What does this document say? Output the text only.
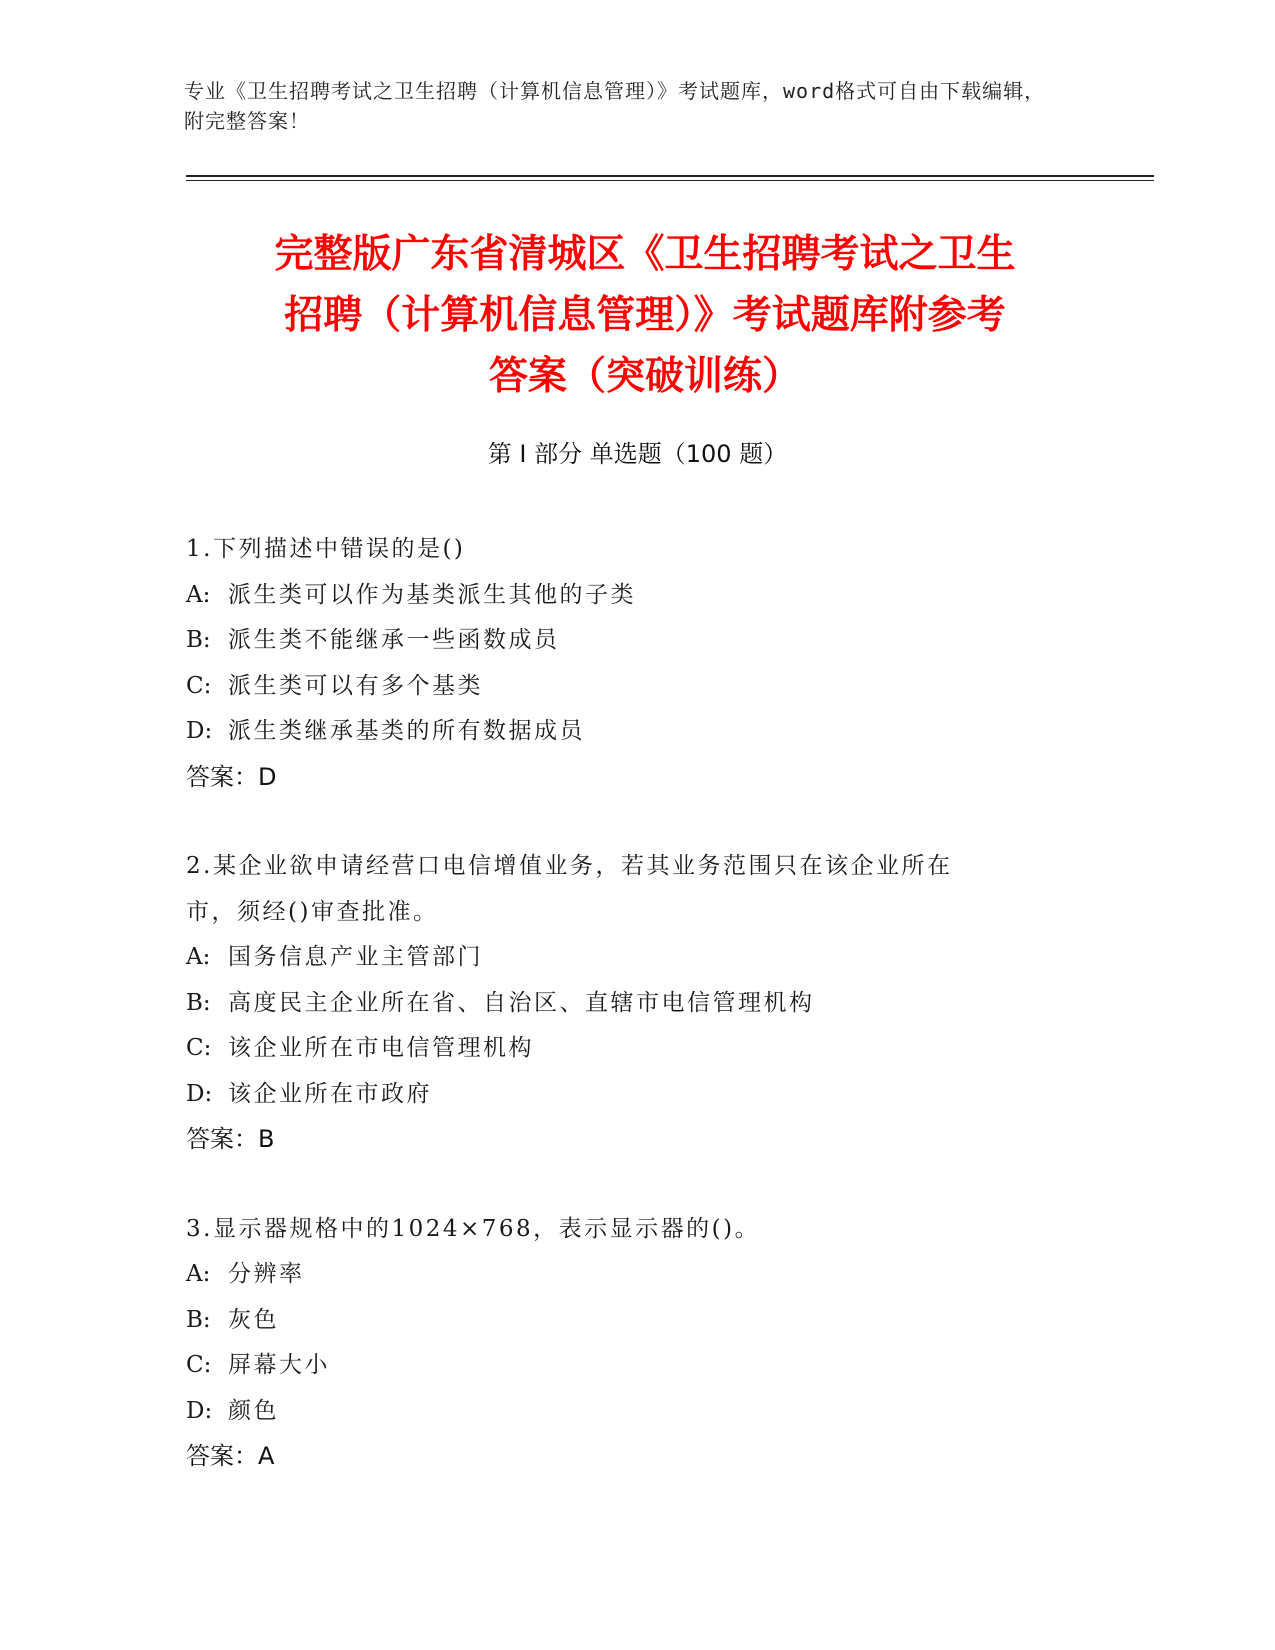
专业《卫生招聘考试之卫生招聘（计算机信息管理）》考试题库，word格式可自由下载编辑，附完整答案！
完整版广东省清城区《卫生招聘考试之卫生
招聘（计算机信息管理）》考试题库附参考
答案（突破训练）
第 I 部分 单选题（100 题）
1.下列描述中错误的是()
A: 派生类可以作为基类派生其他的子类
B: 派生类不能继承一些函数成员
C: 派生类可以有多个基类
D: 派生类继承基类的所有数据成员
答案：D
2.某企业欲申请经营口电信增值业务，若其业务范围只在该企业所在
市，须经()审查批准。
A: 国务信息产业主管部门
B: 高度民主企业所在省、自治区、直辖市电信管理机构
C: 该企业所在市电信管理机构
D: 该企业所在市政府
答案：B
3.显示器规格中的1024×768，表示显示器的()。
A: 分辨率
B: 灰色
C: 屏幕大小
D: 颜色
答案：A
